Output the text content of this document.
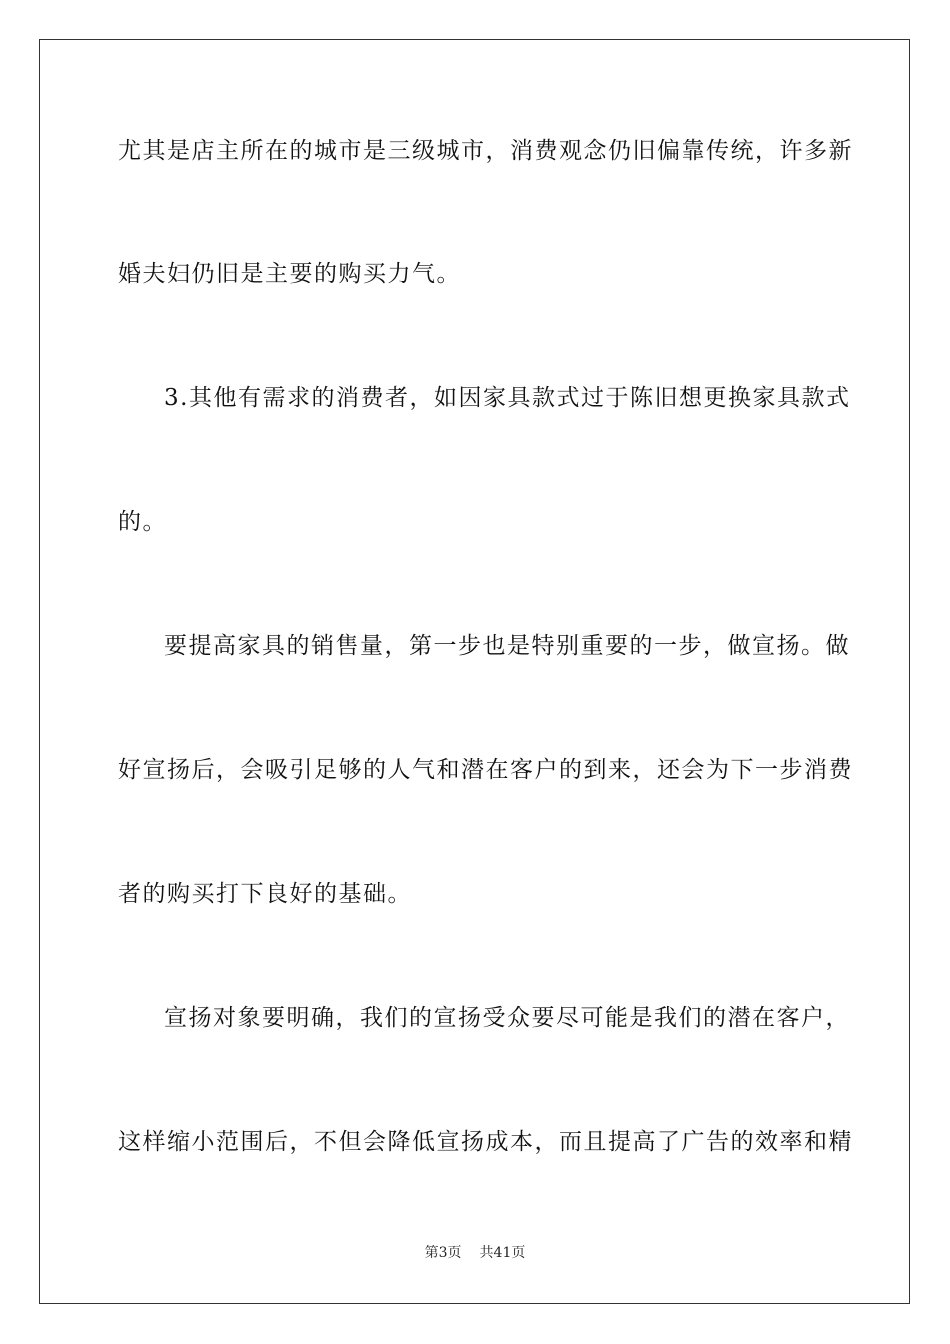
尤其是店主所在的城市是三级城市，消费观念仍旧偏靠传统，许多新
婚夫妇仍旧是主要的购买力气。
3.其他有需求的消费者，如因家具款式过于陈旧想更换家具款式
的。
要提高家具的销售量，第一步也是特别重要的一步，做宣扬。做
好宣扬后，会吸引足够的人气和潜在客户的到来，还会为下一步消费
者的购买打下良好的基础。
宣扬对象要明确，我们的宣扬受众要尽可能是我们的潜在客户，
这样缩小范围后，不但会降低宣扬成本，而且提高了广告的效率和精
第3页 共41页
